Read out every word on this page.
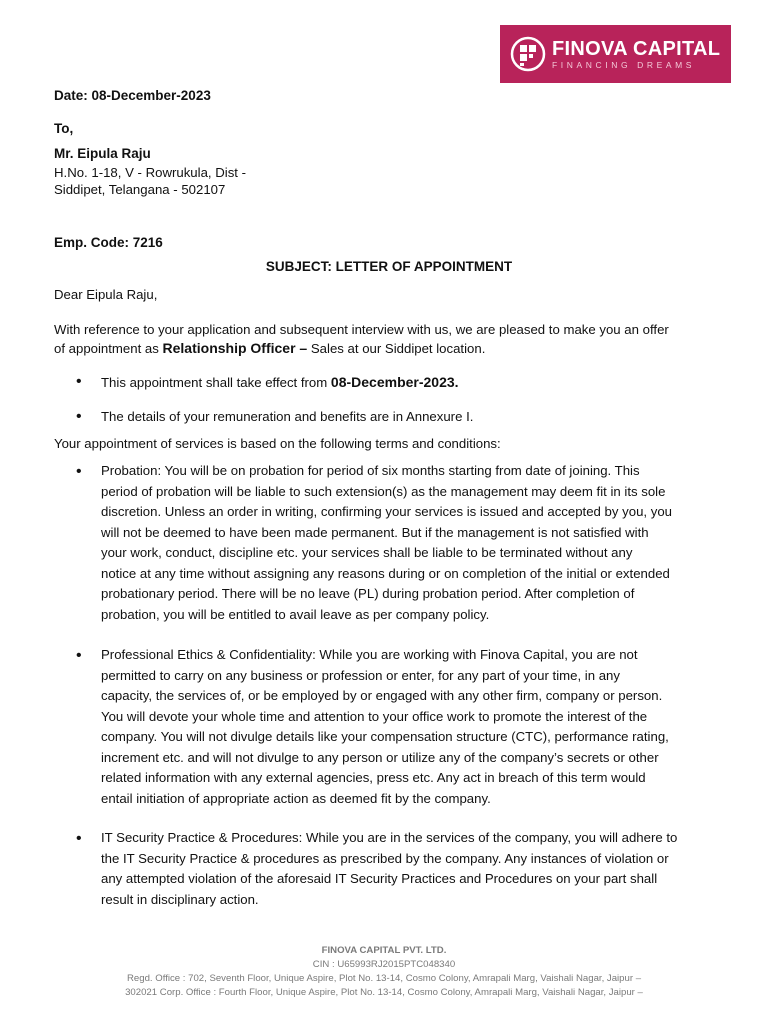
FINOVA CAPITAL
FINANCING DREAMS
Date: 08-December-2023
To,
Mr. Eipula Raju
H.No. 1-18, V - Rowrukula, Dist -
Siddipet, Telangana - 502107
Emp. Code: 7216
SUBJECT: LETTER OF APPOINTMENT
Dear Eipula Raju,
With reference to your application and subsequent interview with us, we are pleased to make you an offer
of appointment as Relationship Officer – Sales at our Siddipet location.
• This appointment shall take effect from 08-December-2023.
• The details of your remuneration and benefits are in Annexure I.
Your appointment of services is based on the following terms and conditions:
• Probation: You will be on probation for period of six months starting from date of joining. This
period of probation will be liable to such extension(s) as the management may deem fit in its sole
discretion. Unless an order in writing, confirming your services is issued and accepted by you, you
will not be deemed to have been made permanent. But if the management is not satisfied with
your work, conduct, discipline etc. your services shall be liable to be terminated without any
notice at any time without assigning any reasons during or on completion of the initial or extended
probationary period. There will be no leave (PL) during probation period. After completion of
probation, you will be entitled to avail leave as per company policy.
• Professional Ethics & Confidentiality: While you are working with Finova Capital, you are not
permitted to carry on any business or profession or enter, for any part of your time, in any
capacity, the services of, or be employed by or engaged with any other firm, company or person.
You will devote your whole time and attention to your office work to promote the interest of the
company. You will not divulge details like your compensation structure (CTC), performance rating,
increment etc. and will not divulge to any person or utilize any of the company’s secrets or other
related information with any external agencies, press etc. Any act in breach of this term would
entail initiation of appropriate action as deemed fit by the company.
• IT Security Practice & Procedures: While you are in the services of the company, you will adhere to
the IT Security Practice & procedures as prescribed by the company. Any instances of violation or
any attempted violation of the aforesaid IT Security Practices and Procedures on your part shall
result in disciplinary action.
FINOVA CAPITAL PVT. LTD.
CIN : U65993RJ2015PTC048340
Regd. Office : 702, Seventh Floor, Unique Aspire, Plot No. 13-14, Cosmo Colony, Amrapali Marg, Vaishali Nagar, Jaipur –
302021 Corp. Office : Fourth Floor, Unique Aspire, Plot No. 13-14, Cosmo Colony, Amrapali Marg, Vaishali Nagar, Jaipur –
